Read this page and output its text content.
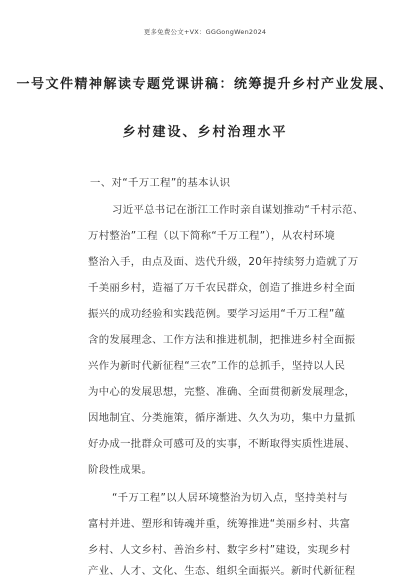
更多免费公文+VX：GGGongWen2024
一号文件精神解读专题党课讲稿：统筹提升乡村产业发展、
乡村建设、乡村治理水平
一、对“千万工程”的基本认识
习近平总书记在浙江工作时亲自谋划推动“千村示范、
万村整治”工程（以下简称“千万工程”），从农村环境
整治入手，由点及面、迭代升级，20年持续努力造就了万
千美丽乡村，造福了万千农民群众，创造了推进乡村全面
振兴的成功经验和实践范例。要学习运用“千万工程”蕴
含的发展理念、工作方法和推进机制，把推进乡村全面振
兴作为新时代新征程“三农”工作的总抓手，坚持以人民
为中心的发展思想，完整、准确、全面贯彻新发展理念，
因地制宜、分类施策，循序渐进、久久为功，集中力量抓
好办成一批群众可感可及的实事，不断取得实质性进展、
阶段性成果。
“千万工程”以人居环境整治为切入点，坚持美村与
富村并进、塑形和铸魂并重，统筹推进“美丽乡村、共富
乡村、人文乡村、善治乡村、数字乡村”建设，实现乡村
产业、人才、文化、生态、组织全面振兴。新时代新征程
